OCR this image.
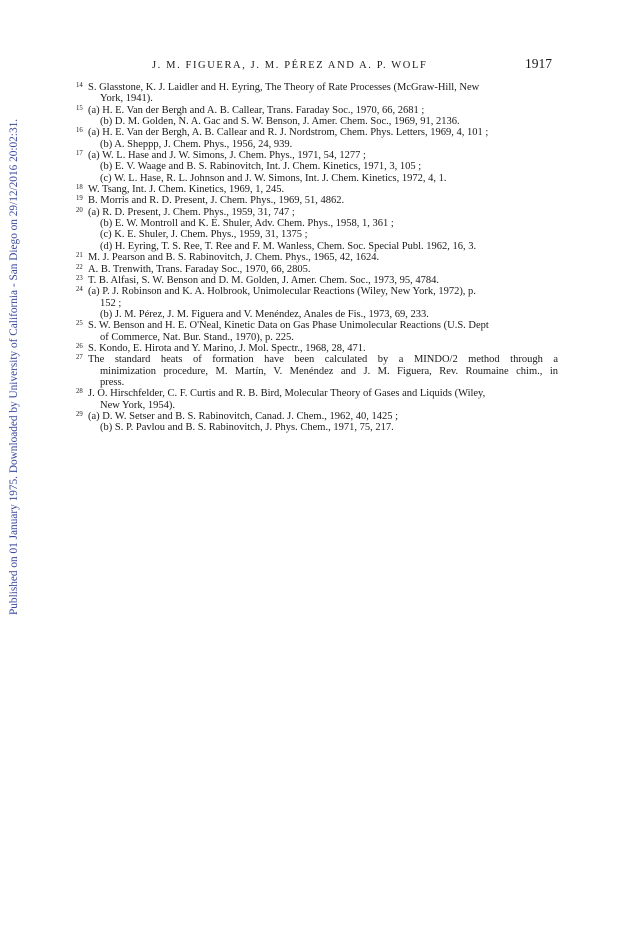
Published on 01 January 1975. Downloaded by University of California - San Diego on 29/12/2016 20:02:31.
J. M. FIGUERA, J. M. PÉREZ AND A. P. WOLF	1917
14 S. Glasstone, K. J. Laidler and H. Eyring, The Theory of Rate Processes (McGraw-Hill, New
York, 1941).
15 (a) H. E. Van der Bergh and A. B. Callear, Trans. Faraday Soc., 1970, 66, 2681 ;
(b) D. M. Golden, N. A. Gac and S. W. Benson, J. Amer. Chem. Soc., 1969, 91, 2136.
16 (a) H. E. Van der Bergh, A. B. Callear and R. J. Nordstrom, Chem. Phys. Letters, 1969, 4, 101 ;
(b) A. Sheppp, J. Chem. Phys., 1956, 24, 939.
17 (a) W. L. Hase and J. W. Simons, J. Chem. Phys., 1971, 54, 1277 ;
(b) E. V. Waage and B. S. Rabinovitch, Int. J. Chem. Kinetics, 1971, 3, 105 ;
(c) W. L. Hase, R. L. Johnson and J. W. Simons, Int. J. Chem. Kinetics, 1972, 4, 1.
18 W. Tsang, Int. J. Chem. Kinetics, 1969, 1, 245.
19 B. Morris and R. D. Present, J. Chem. Phys., 1969, 51, 4862.
20 (a) R. D. Present, J. Chem. Phys., 1959, 31, 747 ;
(b) E. W. Montroll and K. E. Shuler, Adv. Chem. Phys., 1958, 1, 361 ;
(c) K. E. Shuler, J. Chem. Phys., 1959, 31, 1375 ;
(d) H. Eyring, T. S. Ree, T. Ree and F. M. Wanless, Chem. Soc. Special Publ. 1962, 16, 3.
21 M. J. Pearson and B. S. Rabinovitch, J. Chem. Phys., 1965, 42, 1624.
22 A. B. Trenwith, Trans. Faraday Soc., 1970, 66, 2805.
23 T. B. Alfasi, S. W. Benson and D. M. Golden, J. Amer. Chem. Soc., 1973, 95, 4784.
24 (a) P. J. Robinson and K. A. Holbrook, Unimolecular Reactions (Wiley, New York, 1972), p.
152 ;
(b) J. M. Pérez, J. M. Figuera and V. Menéndez, Anales de Fis., 1973, 69, 233.
25 S. W. Benson and H. E. O'Neal, Kinetic Data on Gas Phase Unimolecular Reactions (U.S. Dept
of Commerce, Nat. Bur. Stand., 1970), p. 225.
26 S. Kondo, E. Hirota and Y. Marino, J. Mol. Spectr., 1968, 28, 471.
27 The standard heats of formation have been calculated by a MINDO/2 method through a
minimization procedure, M. Martín, V. Menéndez and J. M. Figuera, Rev. Roumaine chim., in
press.
28 J. O. Hirschfelder, C. F. Curtis and R. B. Bird, Molecular Theory of Gases and Liquids (Wiley,
New York, 1954).
29 (a) D. W. Setser and B. S. Rabinovitch, Canad. J. Chem., 1962, 40, 1425 ;
(b) S. P. Pavlou and B. S. Rabinovitch, J. Phys. Chem., 1971, 75, 217.
